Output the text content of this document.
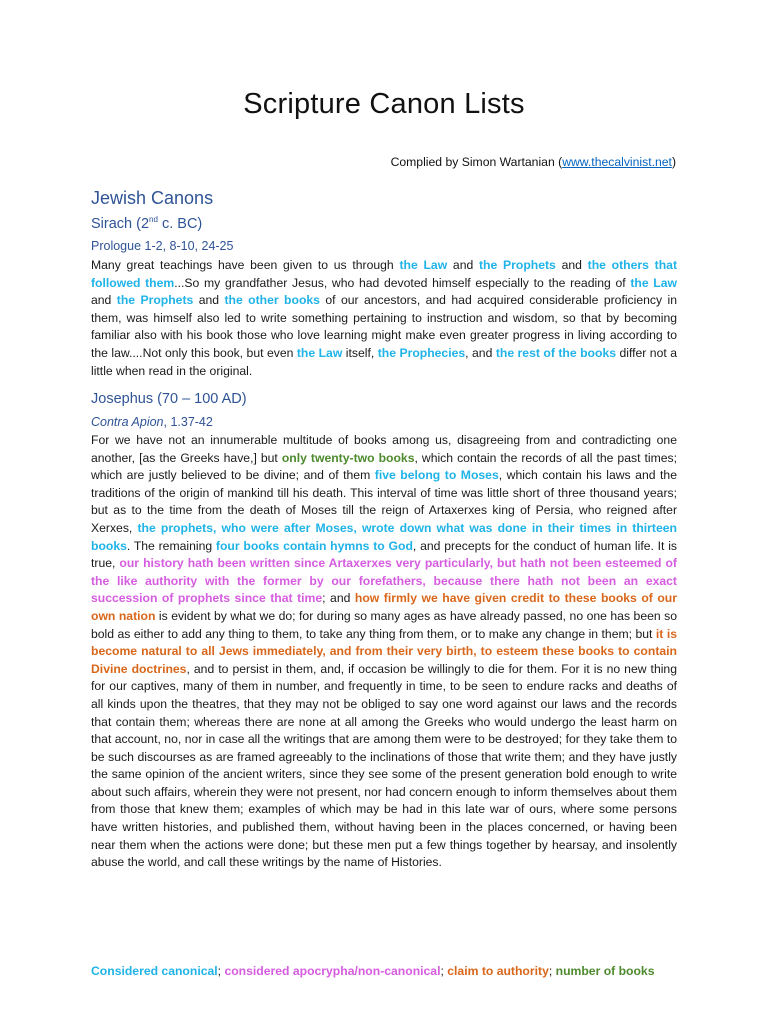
Scripture Canon Lists
Complied by Simon Wartanian (www.thecalvinist.net)
Jewish Canons
Sirach (2nd c. BC)
Prologue 1-2, 8-10, 24-25
Many great teachings have been given to us through the Law and the Prophets and the others that followed them...So my grandfather Jesus, who had devoted himself especially to the reading of the Law and the Prophets and the other books of our ancestors, and had acquired considerable proficiency in them, was himself also led to write something pertaining to instruction and wisdom, so that by becoming familiar also with his book those who love learning might make even greater progress in living according to the law....Not only this book, but even the Law itself, the Prophecies, and the rest of the books differ not a little when read in the original.
Josephus (70 – 100 AD)
Contra Apion, 1.37-42
For we have not an innumerable multitude of books among us, disagreeing from and contradicting one another, [as the Greeks have,] but only twenty-two books, which contain the records of all the past times; which are justly believed to be divine; and of them five belong to Moses, which contain his laws and the traditions of the origin of mankind till his death. This interval of time was little short of three thousand years; but as to the time from the death of Moses till the reign of Artaxerxes king of Persia, who reigned after Xerxes, the prophets, who were after Moses, wrote down what was done in their times in thirteen books. The remaining four books contain hymns to God, and precepts for the conduct of human life. It is true, our history hath been written since Artaxerxes very particularly, but hath not been esteemed of the like authority with the former by our forefathers, because there hath not been an exact succession of prophets since that time; and how firmly we have given credit to these books of our own nation is evident by what we do; for during so many ages as have already passed, no one has been so bold as either to add any thing to them, to take any thing from them, or to make any change in them; but it is become natural to all Jews immediately, and from their very birth, to esteem these books to contain Divine doctrines, and to persist in them, and, if occasion be willingly to die for them. For it is no new thing for our captives, many of them in number, and frequently in time, to be seen to endure racks and deaths of all kinds upon the theatres, that they may not be obliged to say one word against our laws and the records that contain them; whereas there are none at all among the Greeks who would undergo the least harm on that account, no, nor in case all the writings that are among them were to be destroyed; for they take them to be such discourses as are framed agreeably to the inclinations of those that write them; and they have justly the same opinion of the ancient writers, since they see some of the present generation bold enough to write about such affairs, wherein they were not present, nor had concern enough to inform themselves about them from those that knew them; examples of which may be had in this late war of ours, where some persons have written histories, and published them, without having been in the places concerned, or having been near them when the actions were done; but these men put a few things together by hearsay, and insolently abuse the world, and call these writings by the name of Histories.
Considered canonical; considered apocrypha/non-canonical; claim to authority; number of books
